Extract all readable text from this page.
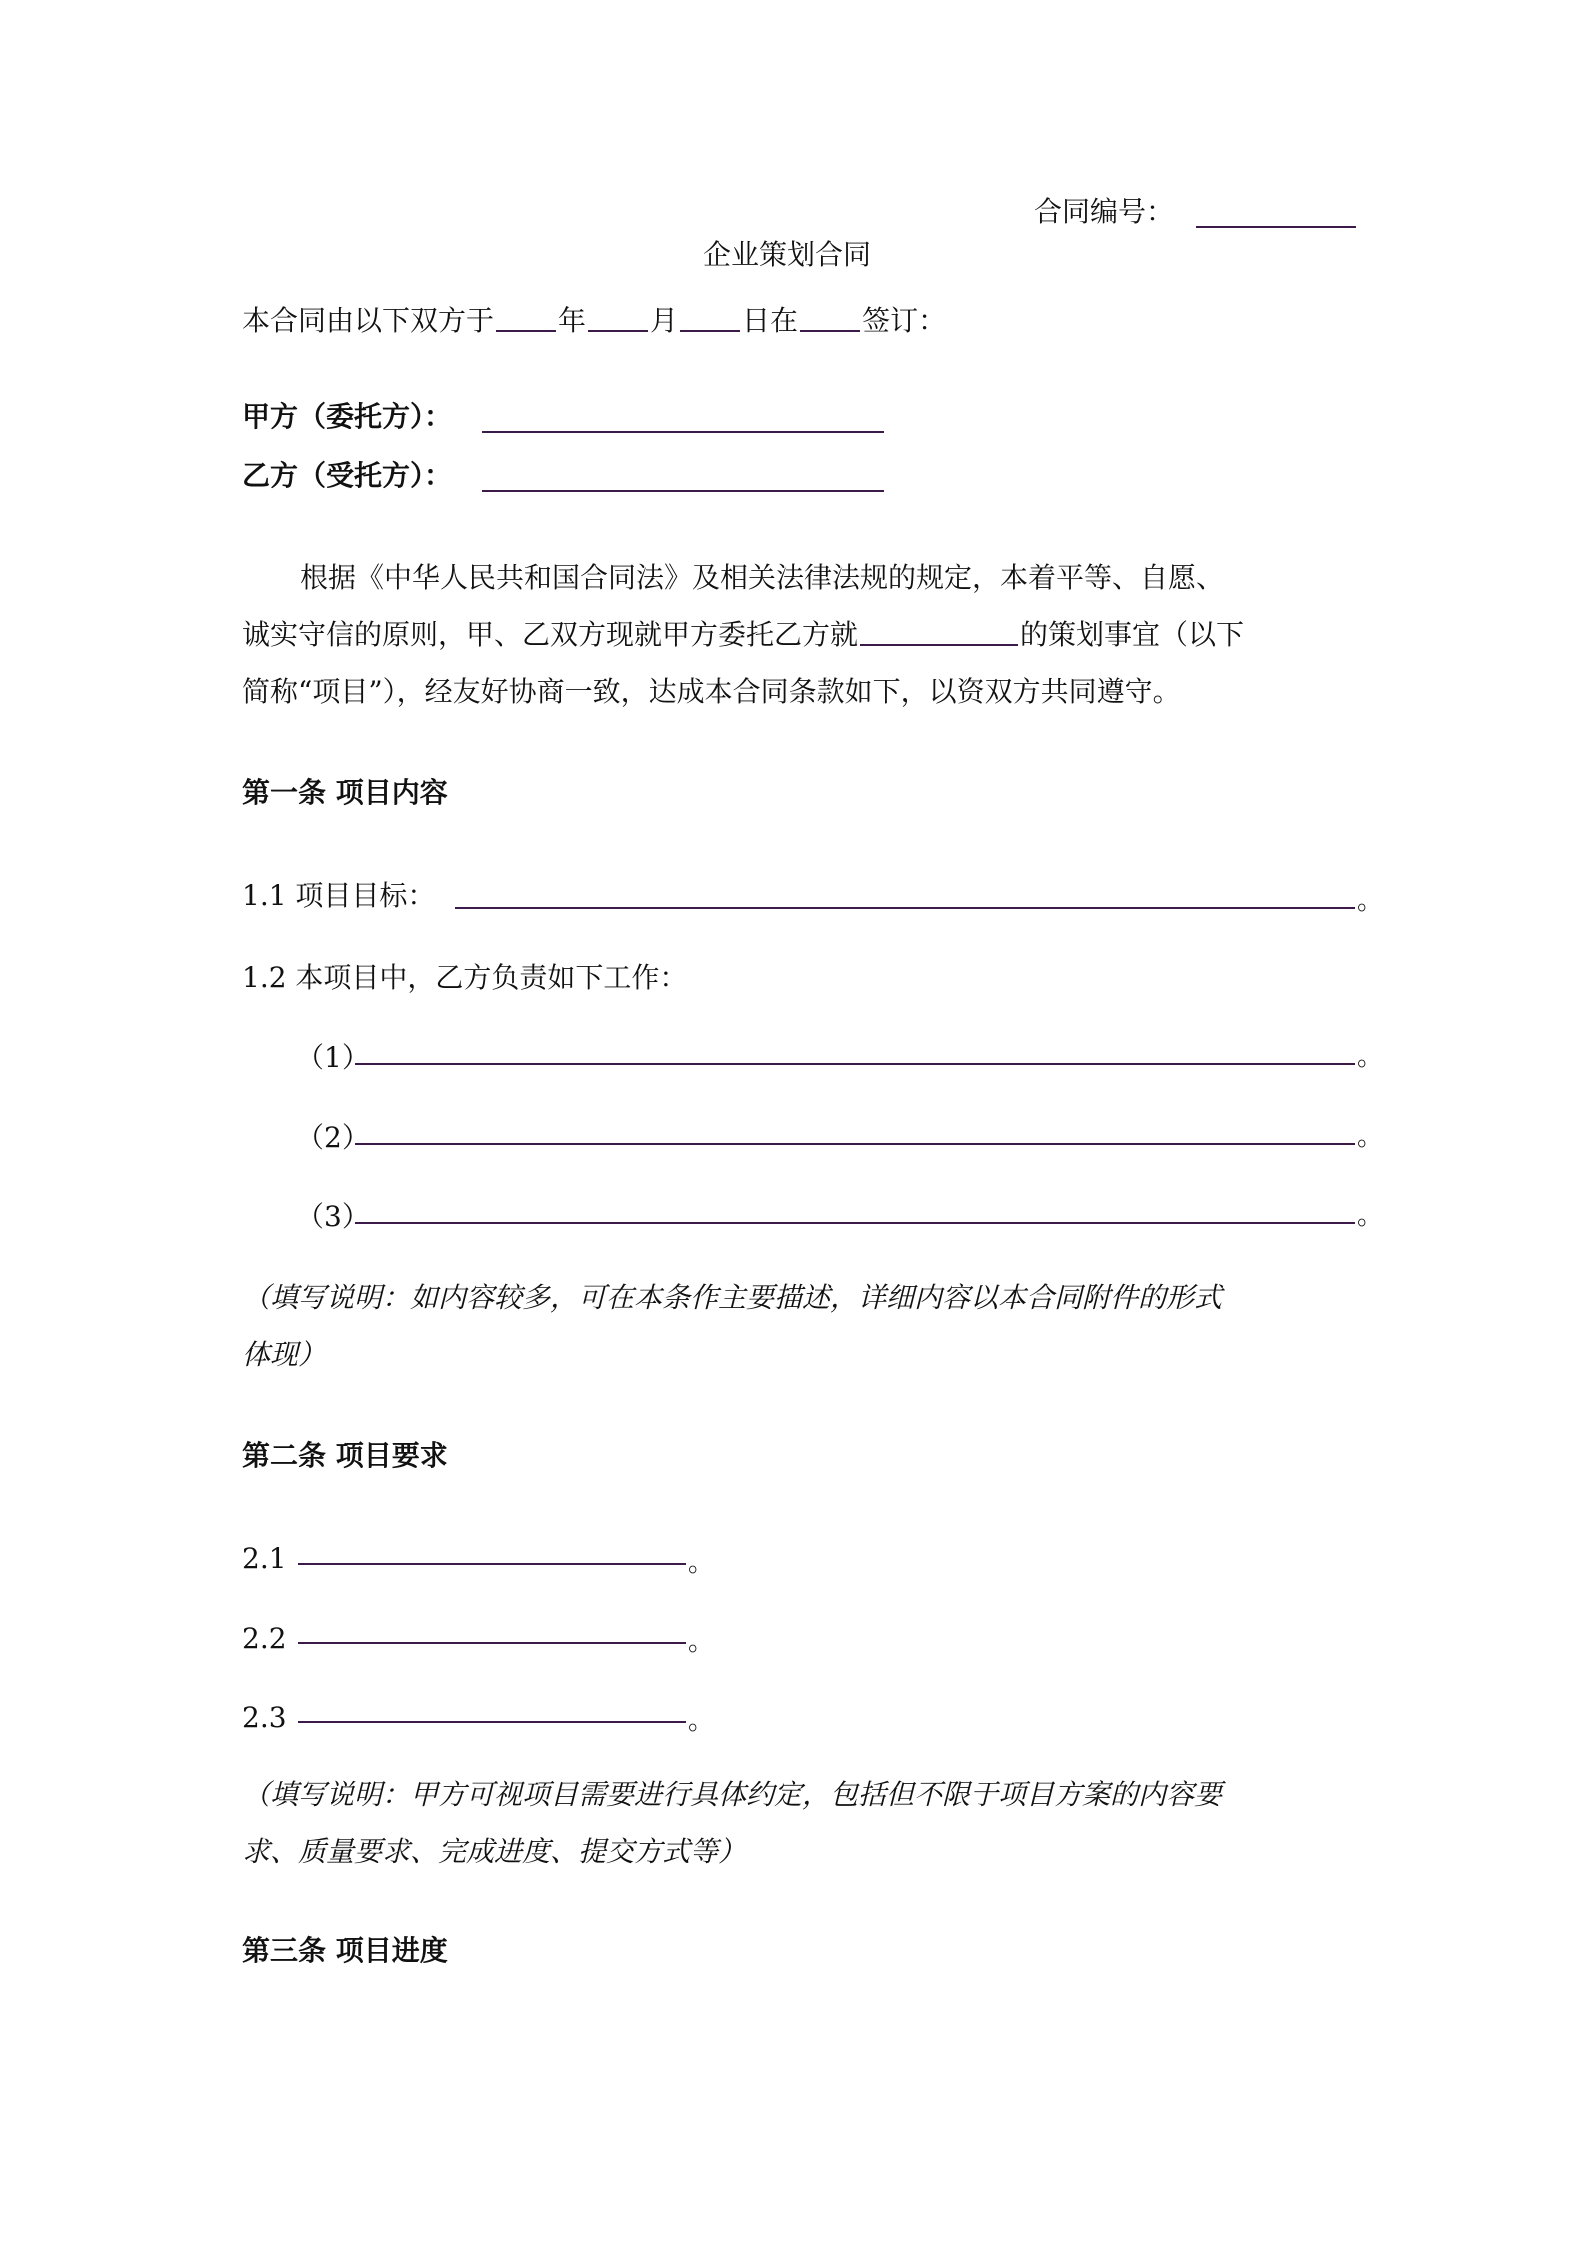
合同编号：
企业策划合同
本合同由以下双方于 年 月 日在 签订：
甲方（委托方）：
乙方（受托方）：
根据《中华人民共和国合同法》及相关法律法规的规定，本着平等、自愿、
诚实守信的原则，甲、乙双方现就甲方委托乙方就	的策划事宜（以下
简称“项目”），经友好协商一致，达成本合同条款如下，以资双方共同遵守。
第一条 项目内容
1.1 项目目标：	。
1.2 本项目中，乙方负责如下工作：
（1）	。
（2）	。
（3）	。
（填写说明：如内容较多，可在本条作主要描述，详细内容以本合同附件的形式
体现）
第二条 项目要求
2.1	。
2.2	。
2.3	。
（填写说明：甲方可视项目需要进行具体约定，包括但不限于项目方案的内容要
求、质量要求、完成进度、提交方式等）
第三条 项目进度
